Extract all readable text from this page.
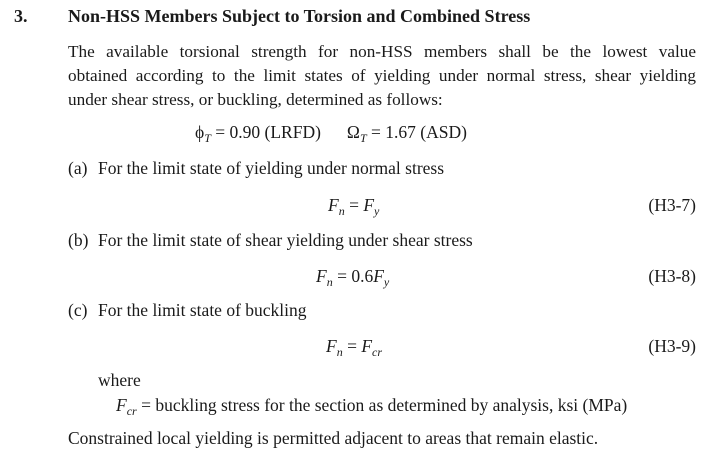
3. Non-HSS Members Subject to Torsion and Combined Stress
The available torsional strength for non-HSS members shall be the lowest value
obtained according to the limit states of yielding under normal stress, shear yielding
under shear stress, or buckling, determined as follows:
$\phi_T = 0.90$ (LRFD) $\Omega_T = 1.67$ (ASD)
(a) For the limit state of yielding under normal stress
$F_n = F_y$	(H3-7)
(b) For the limit state of shear yielding under shear stress
$F_n = 0.6F_y$	(H3-8)
(c) For the limit state of buckling
$F_n = F_{cr}$	(H3-9)
where
$F_{cr}$ = buckling stress for the section as determined by analysis, ksi (MPa)
Constrained local yielding is permitted adjacent to areas that remain elastic.
